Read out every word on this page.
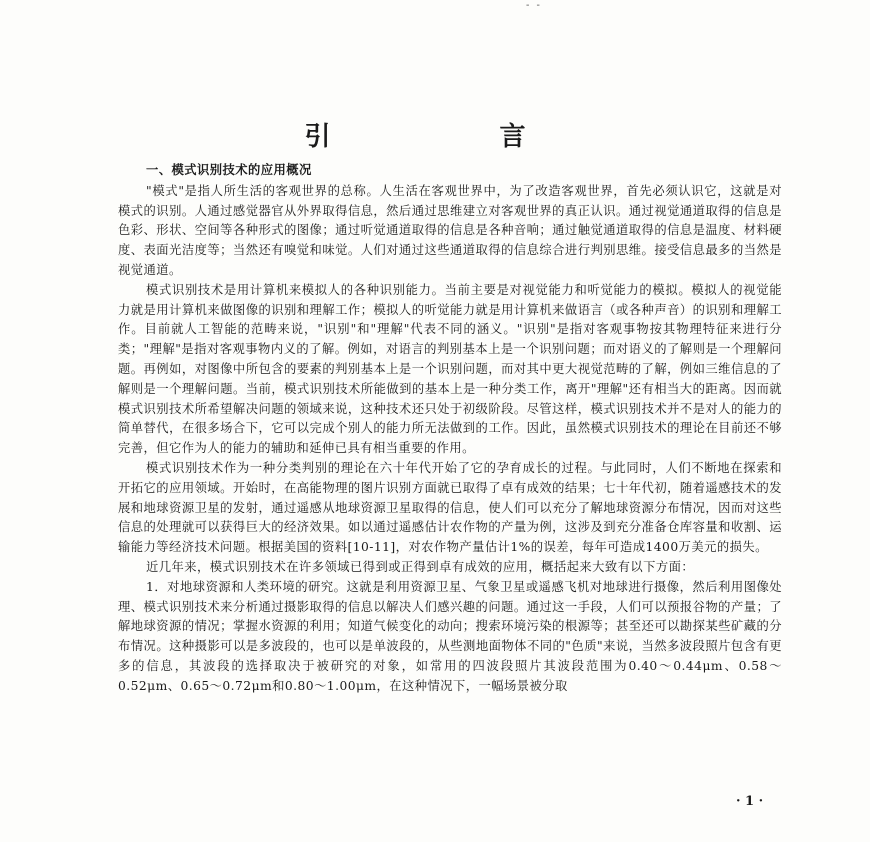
- -
引 言

一、模式识别技术的应用概况

"模式"是指人所生活的客观世界的总称。人生活在客观世界中，为了改造客观世界，首先必须认识它，这就是对模式的识别。人通过感觉器官从外界取得信息，然后通过思维建立对客观世界的真正认识。通过视觉通道取得的信息是色彩、形状、空间等各种形式的图像；通过听觉通道取得的信息是各种音响；通过触觉通道取得的信息是温度、材料硬度、表面光洁度等；当然还有嗅觉和味觉。人们对通过这些通道取得的信息综合进行判别思维。接受信息最多的当然是视觉通道。

模式识别技术是用计算机来模拟人的各种识别能力。当前主要是对视觉能力和听觉能力的模拟。模拟人的视觉能力就是用计算机来做图像的识别和理解工作；模拟人的听觉能力就是用计算机来做语言（或各种声音）的识别和理解工作。目前就人工智能的范畴来说，"识别"和"理解"代表不同的涵义。"识别"是指对客观事物按其物理特征来进行分类；"理解"是指对客观事物内义的了解。例如，对语言的判别基本上是一个识别问题；而对语义的了解则是一个理解问题。再例如，对图像中所包含的要素的判别基本上是一个识别问题，而对其中更大视觉范畴的了解，例如三维信息的了解则是一个理解问题。当前，模式识别技术所能做到的基本上是一种分类工作，离开"理解"还有相当大的距离。因而就模式识别技术所希望解决问题的领域来说，这种技术还只处于初级阶段。尽管这样，模式识别技术并不是对人的能力的简单替代，在很多场合下，它可以完成个别人的能力所无法做到的工作。因此，虽然模式识别技术的理论在目前还不够完善，但它作为人的能力的辅助和延伸已具有相当重要的作用。

模式识别技术作为一种分类判别的理论在六十年代开始了它的孕育成长的过程。与此同时，人们不断地在探索和开拓它的应用领域。开始时，在高能物理的图片识别方面就已取得了卓有成效的结果；七十年代初，随着遥感技术的发展和地球资源卫星的发射，通过遥感从地球资源卫星取得的信息，使人们可以充分了解地球资源分布情况，因而对这些信息的处理就可以获得巨大的经济效果。如以通过遥感估计农作物的产量为例，这涉及到充分准备仓库容量和收割、运输能力等经济技术问题。根据美国的资料[10-11]，对农作物产量估计1%的误差，每年可造成1400万美元的损失。

近几年来，模式识别技术在许多领域已得到或正得到卓有成效的应用，概括起来大致有以下方面：

1．对地球资源和人类环境的研究。这就是利用资源卫星、气象卫星或遥感飞机对地球进行摄像，然后利用图像处理、模式识别技术来分析通过摄影取得的信息以解决人们感兴趣的问题。通过这一手段，人们可以预报谷物的产量；了解地球资源的情况；掌握水资源的利用；知道气候变化的动向；搜索环境污染的根源等；甚至还可以勘探某些矿藏的分布情况。这种摄影可以是多波段的，也可以是单波段的，从些测地面物体不同的"色质"来说，当然多波段照片包含有更多的信息，其波段的选择取决于被研究的对象，如常用的四波段照片其波段范围为0.40～0.44μm、0.58～0.52μm、0.65～0.72μm和0.80～1.00μm，在这种情况下，一幅场景被分取

· 1 ·
